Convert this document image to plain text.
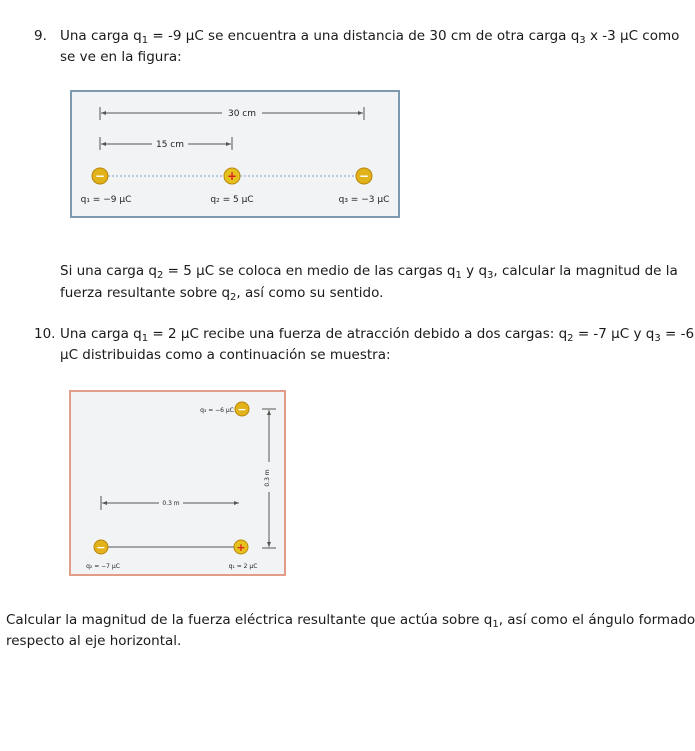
9. Una carga $q_1 = -9$ μC se encuentra a una distancia de 30 cm de otra carga $q_3$ x -3 μC como
se ve en la figura:
30 cm
15 cm
−	+	−
q₁ = −9 μC	q₂ = 5 μC	q₃ = −3 μC
Si una carga $q_2 = 5$ μC se coloca en medio de las cargas $q_1$ y $q_3$, calcular la magnitud de la
fuerza resultante sobre $q_2$, así como su sentido.
10. Una carga $q_1 = 2$ μC recibe una fuerza de atracción debido a dos cargas: $q_2 = -7$ μC y $q_3 = -6$
μC distribuidas como a continuación se muestra:
q₃ = −6 μC −
0.3 m
0.3 m
−
q₂ = −7 μC
+
q₁ = 2 μC
Calcular la magnitud de la fuerza eléctrica resultante que actúa sobre $q_1$, así como el ángulo formado
respecto al eje horizontal.
